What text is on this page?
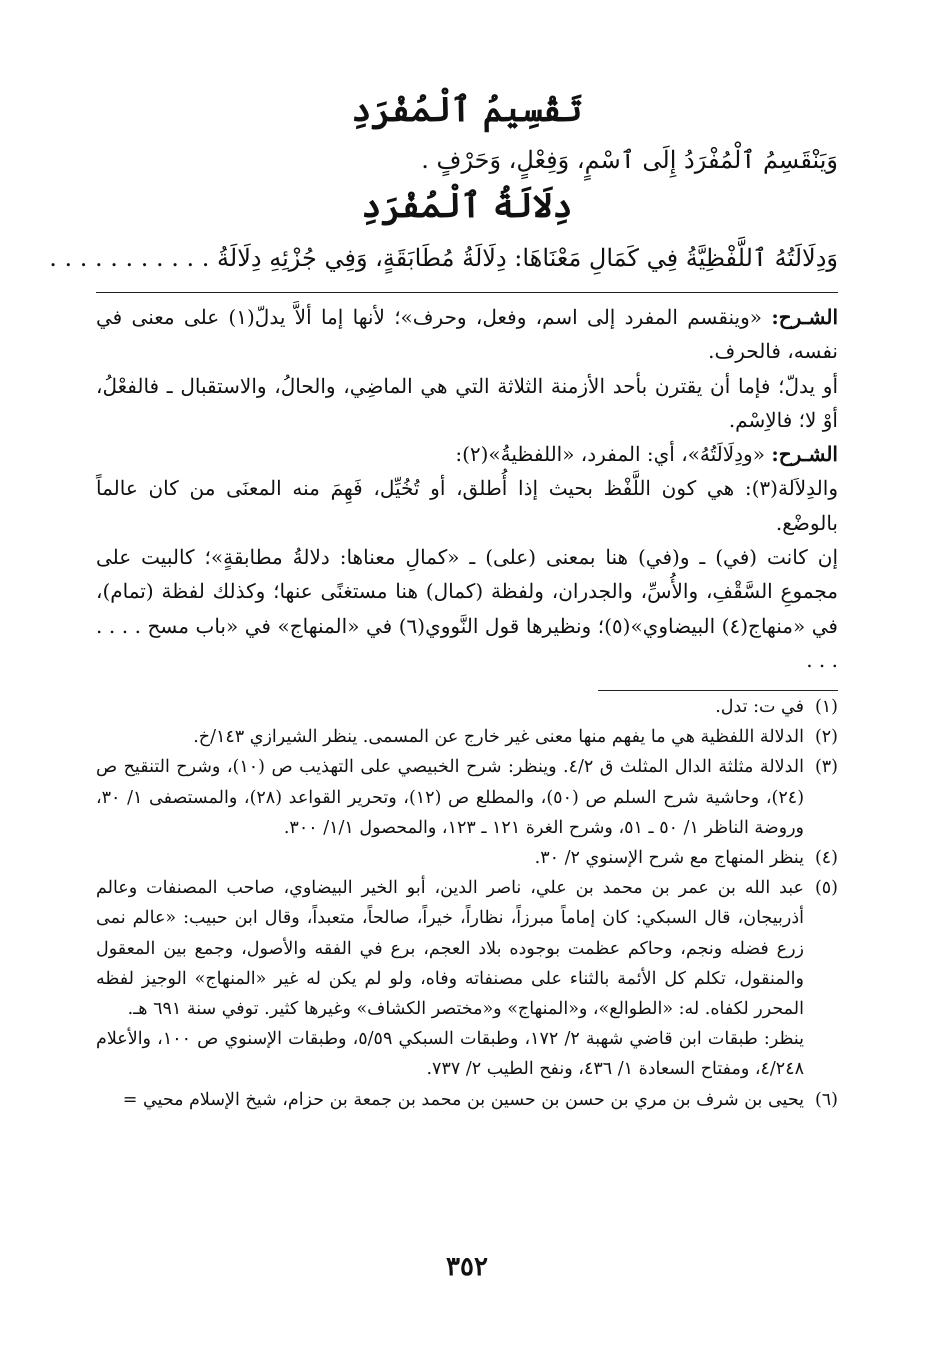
تَقْسِيمُ ٱلْمُفْرَدِ
وَيَنْقَسِمُ ٱلْمُفْرَدُ إِلَى ٱسْمٍ، وَفِعْلٍ، وَحَرْفٍ .
دِلَالَةُ ٱلْمُفْرَدِ
وَدِلَالَتُهُ ٱللَّفْظِيَّةُ فِي كَمَالِ مَعْنَاهَا: دِلَالَةُ مُطَابَقَةٍ، وَفِي جُزْئِهِ دِلَالَةُ . . . . . . . . . . .

الشـرح: «وينقسم المفرد إلى اسم، وفعل، وحرف»؛ لأنها إما ألاَّ يدلّ(١) على معنى في نفسه، فالحرف.

أو يدلّ؛ فإما أن يقترن بأحد الأزمنة الثلاثة التي هي الماضِي، والحالُ، والاستقبال ـ فالفعْلُ، أوْ لا؛ فالاِسْم.

الشـرح: «ودِلَالَتُهُ»، أي: المفرد، «اللفظيةُ»(٢):

والدِلاَلة(٣): هي كون اللَّفْظ بحيث إذا أُطلق، أو تُخُيِّل، فَهِمَ منه المعنَى من كان عالماً بالوضْع.

إن كانت (في) ـ و(في) هنا بمعنى (على) ـ «كمالِ معناها: دلالةُ مطابقةٍ»؛ كالبيت على مجموعِ السَّقْفِ، والأُسِّ، والجدران، ولفظة (كمال) هنا مستغنًى عنها؛ وكذلك لفظة (تمام)، في «منهاج(٤) البيضاوي»(٥)؛ ونظيرها قول النَّووي(٦) في «المنهاج» في «باب مسح . . . . . . .

(١)
في ت: تدل.
(٢)
الدلالة اللفظية هي ما يفهم منها معنى غير خارج عن المسمى. ينظر الشيرازي ١٤٣/خ.
(٣)
الدلالة مثلثة الدال المثلث ق ٤/٢. وينظر: شرح الخبيصي على التهذيب ص (١٠)، وشرح التنقيح ص (٢٤)، وحاشية شرح السلم ص (٥٠)، والمطلع ص (١٢)، وتحرير القواعد (٢٨)، والمستصفى ١/ ٣٠، وروضة الناظر ١/ ٥٠ ـ ٥١، وشرح الغرة ١٢١ ـ ١٢٣، والمحصول ١/١/ ٣٠٠.
(٤)
ينظر المنهاج مع شرح الإسنوي ٢/ ٣٠.
(٥)
عبد الله بن عمر بن محمد بن علي، ناصر الدين، أبو الخير البيضاوي، صاحب المصنفات وعالم أذربيجان، قال السبكي: كان إماماً مبرزاً، نظاراً، خيراً، صالحاً، متعبداً، وقال ابن حبيب: «عالم نمى زرع فضله ونجم، وحاكم عظمت بوجوده بلاد العجم، برع في الفقه والأصول، وجمع بين المعقول والمنقول، تكلم كل الأئمة بالثناء على مصنفاته وفاه، ولو لم يكن له غير «المنهاج» الوجيز لفظه المحرر لكفاه. له: «الطوالع»، و«المنهاج» و«مختصر الكشاف» وغيرها كثير. توفي سنة ٦٩١ هـ.
ينظر: طبقات ابن قاضي شهبة ٢/ ١٧٢، وطبقات السبكي ٥/٥٩، وطبقات الإسنوي ص ١٠٠، والأعلام ٤/٢٤٨، ومفتاح السعادة ١/ ٤٣٦، ونفح الطيب ٢/ ٧٣٧.
(٦)
يحيى بن شرف بن مري بن حسن بن حسين بن محمد بن جمعة بن حزام، شيخ الإسلام محيي =
٣٥٢
